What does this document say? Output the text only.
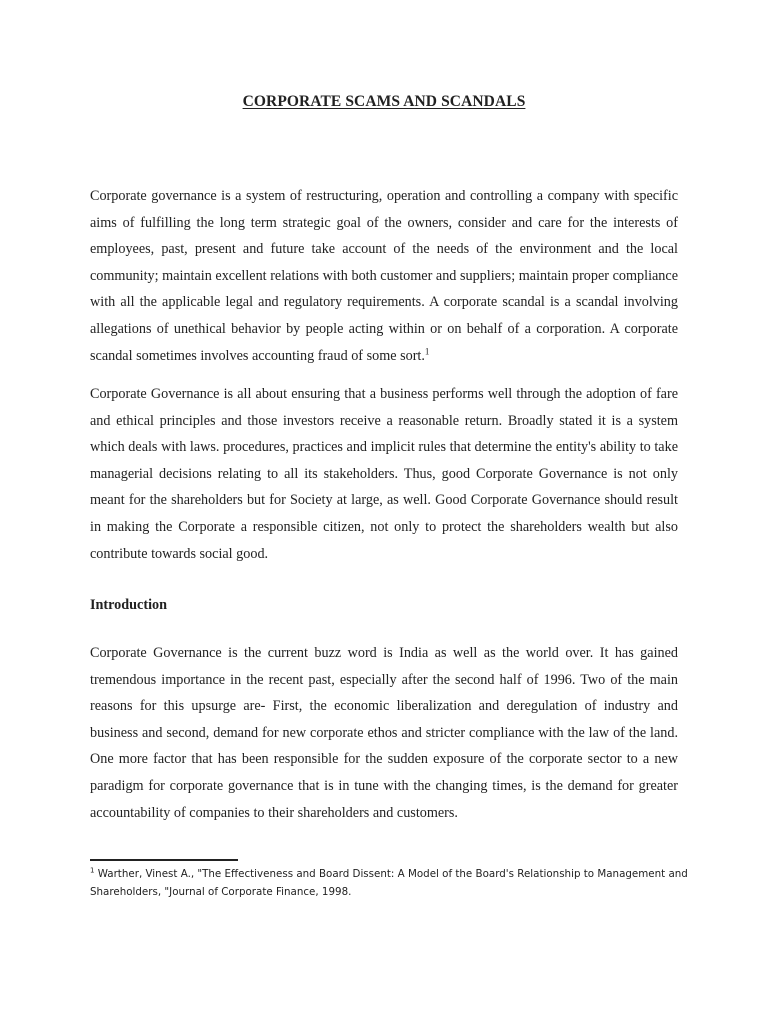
CORPORATE SCAMS AND SCANDALS

Corporate governance is a system of restructuring, operation and controlling a company with specific aims of fulfilling the long term strategic goal of the owners, consider and care for the interests of employees, past, present and future take account of the needs of the environment and the local community; maintain excellent relations with both customer and suppliers; maintain proper compliance with all the applicable legal and regulatory requirements. A corporate scandal is a scandal involving allegations of unethical behavior by people acting within or on behalf of a corporation. A corporate scandal sometimes involves accounting fraud of some sort.$^1$

Corporate Governance is all about ensuring that a business performs well through the adoption of fare and ethical principles and those investors receive a reasonable return. Broadly stated it is a system which deals with laws. procedures, practices and implicit rules that determine the entity's ability to take managerial decisions relating to all its stakeholders. Thus, good Corporate Governance is not only meant for the shareholders but for Society at large, as well. Good Corporate Governance should result in making the Corporate a responsible citizen, not only to protect the shareholders wealth but also contribute towards social good.

Introduction

Corporate Governance is the current buzz word is India as well as the world over. It has gained tremendous importance in the recent past, especially after the second half of 1996. Two of the main reasons for this upsurge are- First, the economic liberalization and deregulation of industry and business and second, demand for new corporate ethos and stricter compliance with the law of the land. One more factor that has been responsible for the sudden exposure of the corporate sector to a new paradigm for corporate governance that is in tune with the changing times, is the demand for greater accountability of companies to their shareholders and customers.

$^1$ Warther, Vinest A., "The Effectiveness and Board Dissent: A Model of the Board's Relationship to Management and Shareholders, "Journal of Corporate Finance, 1998.
